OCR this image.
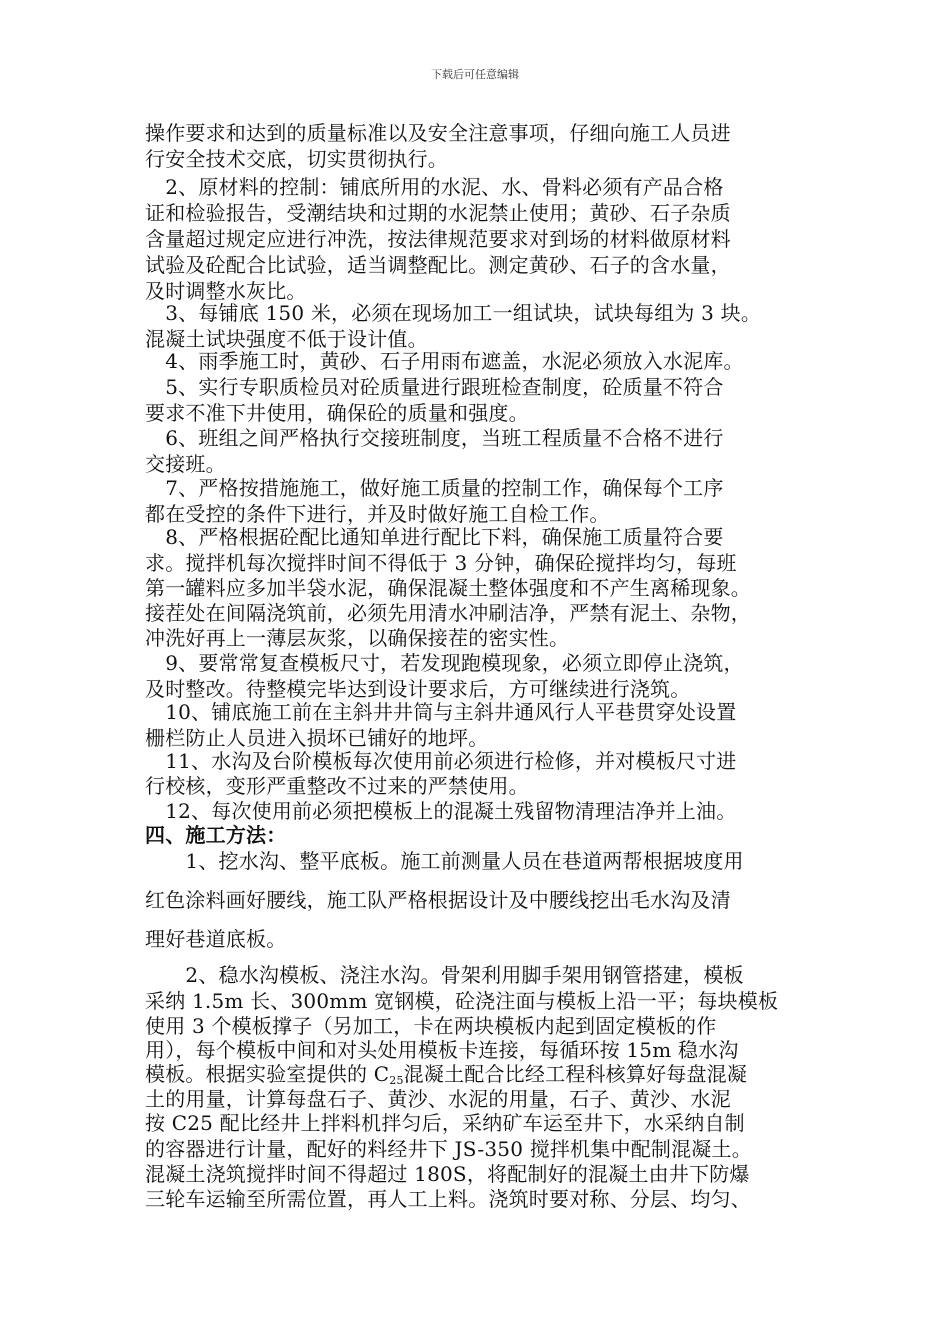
下载后可任意编辑
操作要求和达到的质量标准以及安全注意事项，仔细向施工人员进
行安全技术交底，切实贯彻执行。
　2、原材料的控制：铺底所用的水泥、水、骨料必须有产品合格
证和检验报告，受潮结块和过期的水泥禁止使用；黄砂、石子杂质
含量超过规定应进行冲洗，按法律规范要求对到场的材料做原材料
试验及砼配合比试验，适当调整配比。测定黄砂、石子的含水量，
及时调整水灰比。
　3、每铺底 150 米，必须在现场加工一组试块，试块每组为 3 块。
混凝土试块强度不低于设计值。
　4、雨季施工时，黄砂、石子用雨布遮盖，水泥必须放入水泥库。
　5、实行专职质检员对砼质量进行跟班检查制度，砼质量不符合
要求不准下井使用，确保砼的质量和强度。
　6、班组之间严格执行交接班制度，当班工程质量不合格不进行
交接班。
　7、严格按措施施工，做好施工质量的控制工作，确保每个工序
都在受控的条件下进行，并及时做好施工自检工作。
　8、严格根据砼配比通知单进行配比下料，确保施工质量符合要
求。搅拌机每次搅拌时间不得低于 3 分钟，确保砼搅拌均匀，每班
第一罐料应多加半袋水泥，确保混凝土整体强度和不产生离稀现象。
接茬处在间隔浇筑前，必须先用清水冲刷洁净，严禁有泥土、杂物，
冲洗好再上一薄层灰浆，以确保接茬的密实性。
　9、要常常复查模板尺寸，若发现跑模现象，必须立即停止浇筑，
及时整改。待整模完毕达到设计要求后，方可继续进行浇筑。
　10、铺底施工前在主斜井井筒与主斜井通风行人平巷贯穿处设置
栅栏防止人员进入损坏已铺好的地坪。
　11、水沟及台阶模板每次使用前必须进行检修，并对模板尺寸进
行校核，变形严重整改不过来的严禁使用。
　12、每次使用前必须把模板上的混凝土残留物清理洁净并上油。
四、施工方法：
　　1、挖水沟、整平底板。施工前测量人员在巷道两帮根据坡度用
红色涂料画好腰线，施工队严格根据设计及中腰线挖出毛水沟及清
理好巷道底板。
　　2、稳水沟模板、浇注水沟。骨架利用脚手架用钢管搭建，模板
采纳 1.5m 长、300mm 宽钢模，砼浇注面与模板上沿一平；每块模板
使用 3 个模板撑子（另加工，卡在两块模板内起到固定模板的作
用），每个模板中间和对头处用模板卡连接，每循环按 15m 稳水沟
模板。根据实验室提供的 $C_{25}$混凝土配合比经工程科核算好每盘混凝
土的用量，计算每盘石子、黄沙、水泥的用量，石子、黄沙、水泥
按 C25 配比经井上拌料机拌匀后，采纳矿车运至井下，水采纳自制
的容器进行计量，配好的料经井下 JS-350 搅拌机集中配制混凝土。
混凝土浇筑搅拌时间不得超过 180S，将配制好的混凝土由井下防爆
三轮车运输至所需位置，再人工上料。浇筑时要对称、分层、均匀、
